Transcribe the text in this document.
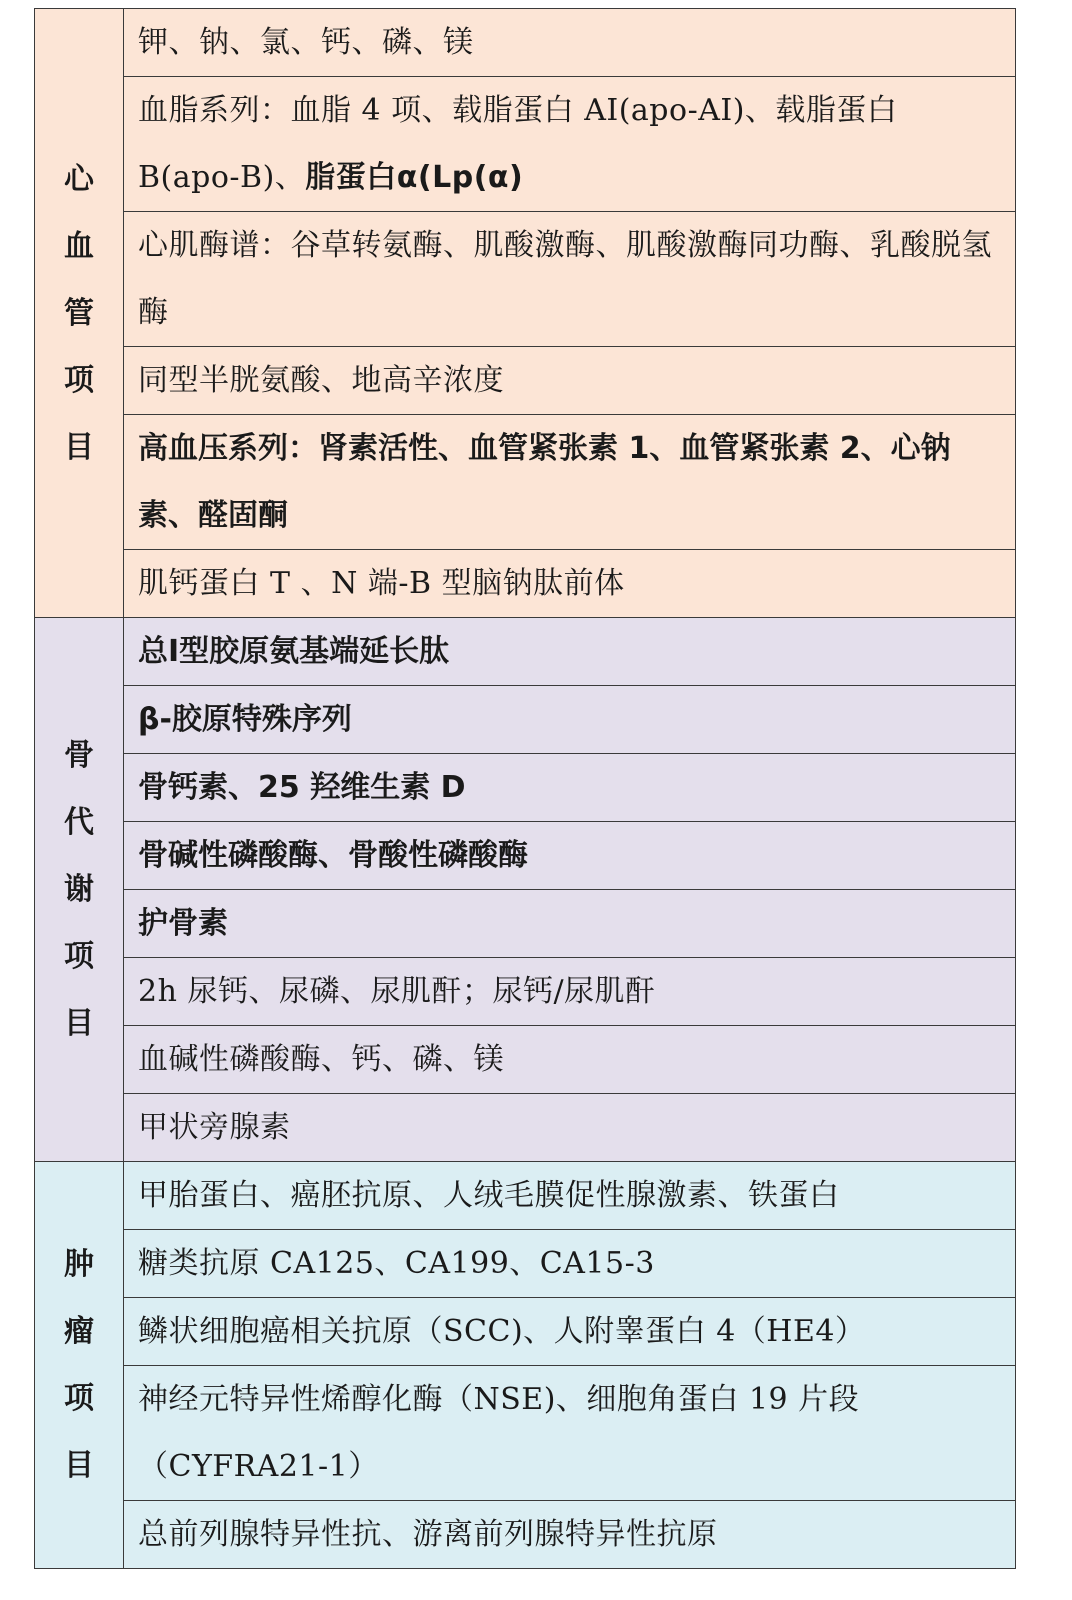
心血管项目	钾、钠、氯、钙、磷、镁
	血脂系列：血脂 4 项、载脂蛋白 AI(apo-AI)、载脂蛋白 B(apo-B)、脂蛋白α(Lp(α)
	心肌酶谱：谷草转氨酶、肌酸激酶、肌酸激酶同功酶、乳酸脱氢酶
	同型半胱氨酸、地高辛浓度
	高血压系列：肾素活性、血管紧张素 1、血管紧张素 2、心钠素、醛固酮
	肌钙蛋白 T 、N 端-B 型脑钠肽前体
骨代谢项目	总Ⅰ型胶原氨基端延长肽
	β-胶原特殊序列
	骨钙素、25 羟维生素 D
	骨碱性磷酸酶、骨酸性磷酸酶
	护骨素
	2h 尿钙、尿磷、尿肌酐；尿钙/尿肌酐
	血碱性磷酸酶、钙、磷、镁
	甲状旁腺素
肿瘤项目	甲胎蛋白、癌胚抗原、人绒毛膜促性腺激素、铁蛋白
	糖类抗原 CA125、CA199、CA15-3
	鳞状细胞癌相关抗原（SCC)、人附睾蛋白 4（HE4）
	神经元特异性烯醇化酶（NSE)、细胞角蛋白 19 片段（CYFRA21-1）
	总前列腺特异性抗、游离前列腺特异性抗原
